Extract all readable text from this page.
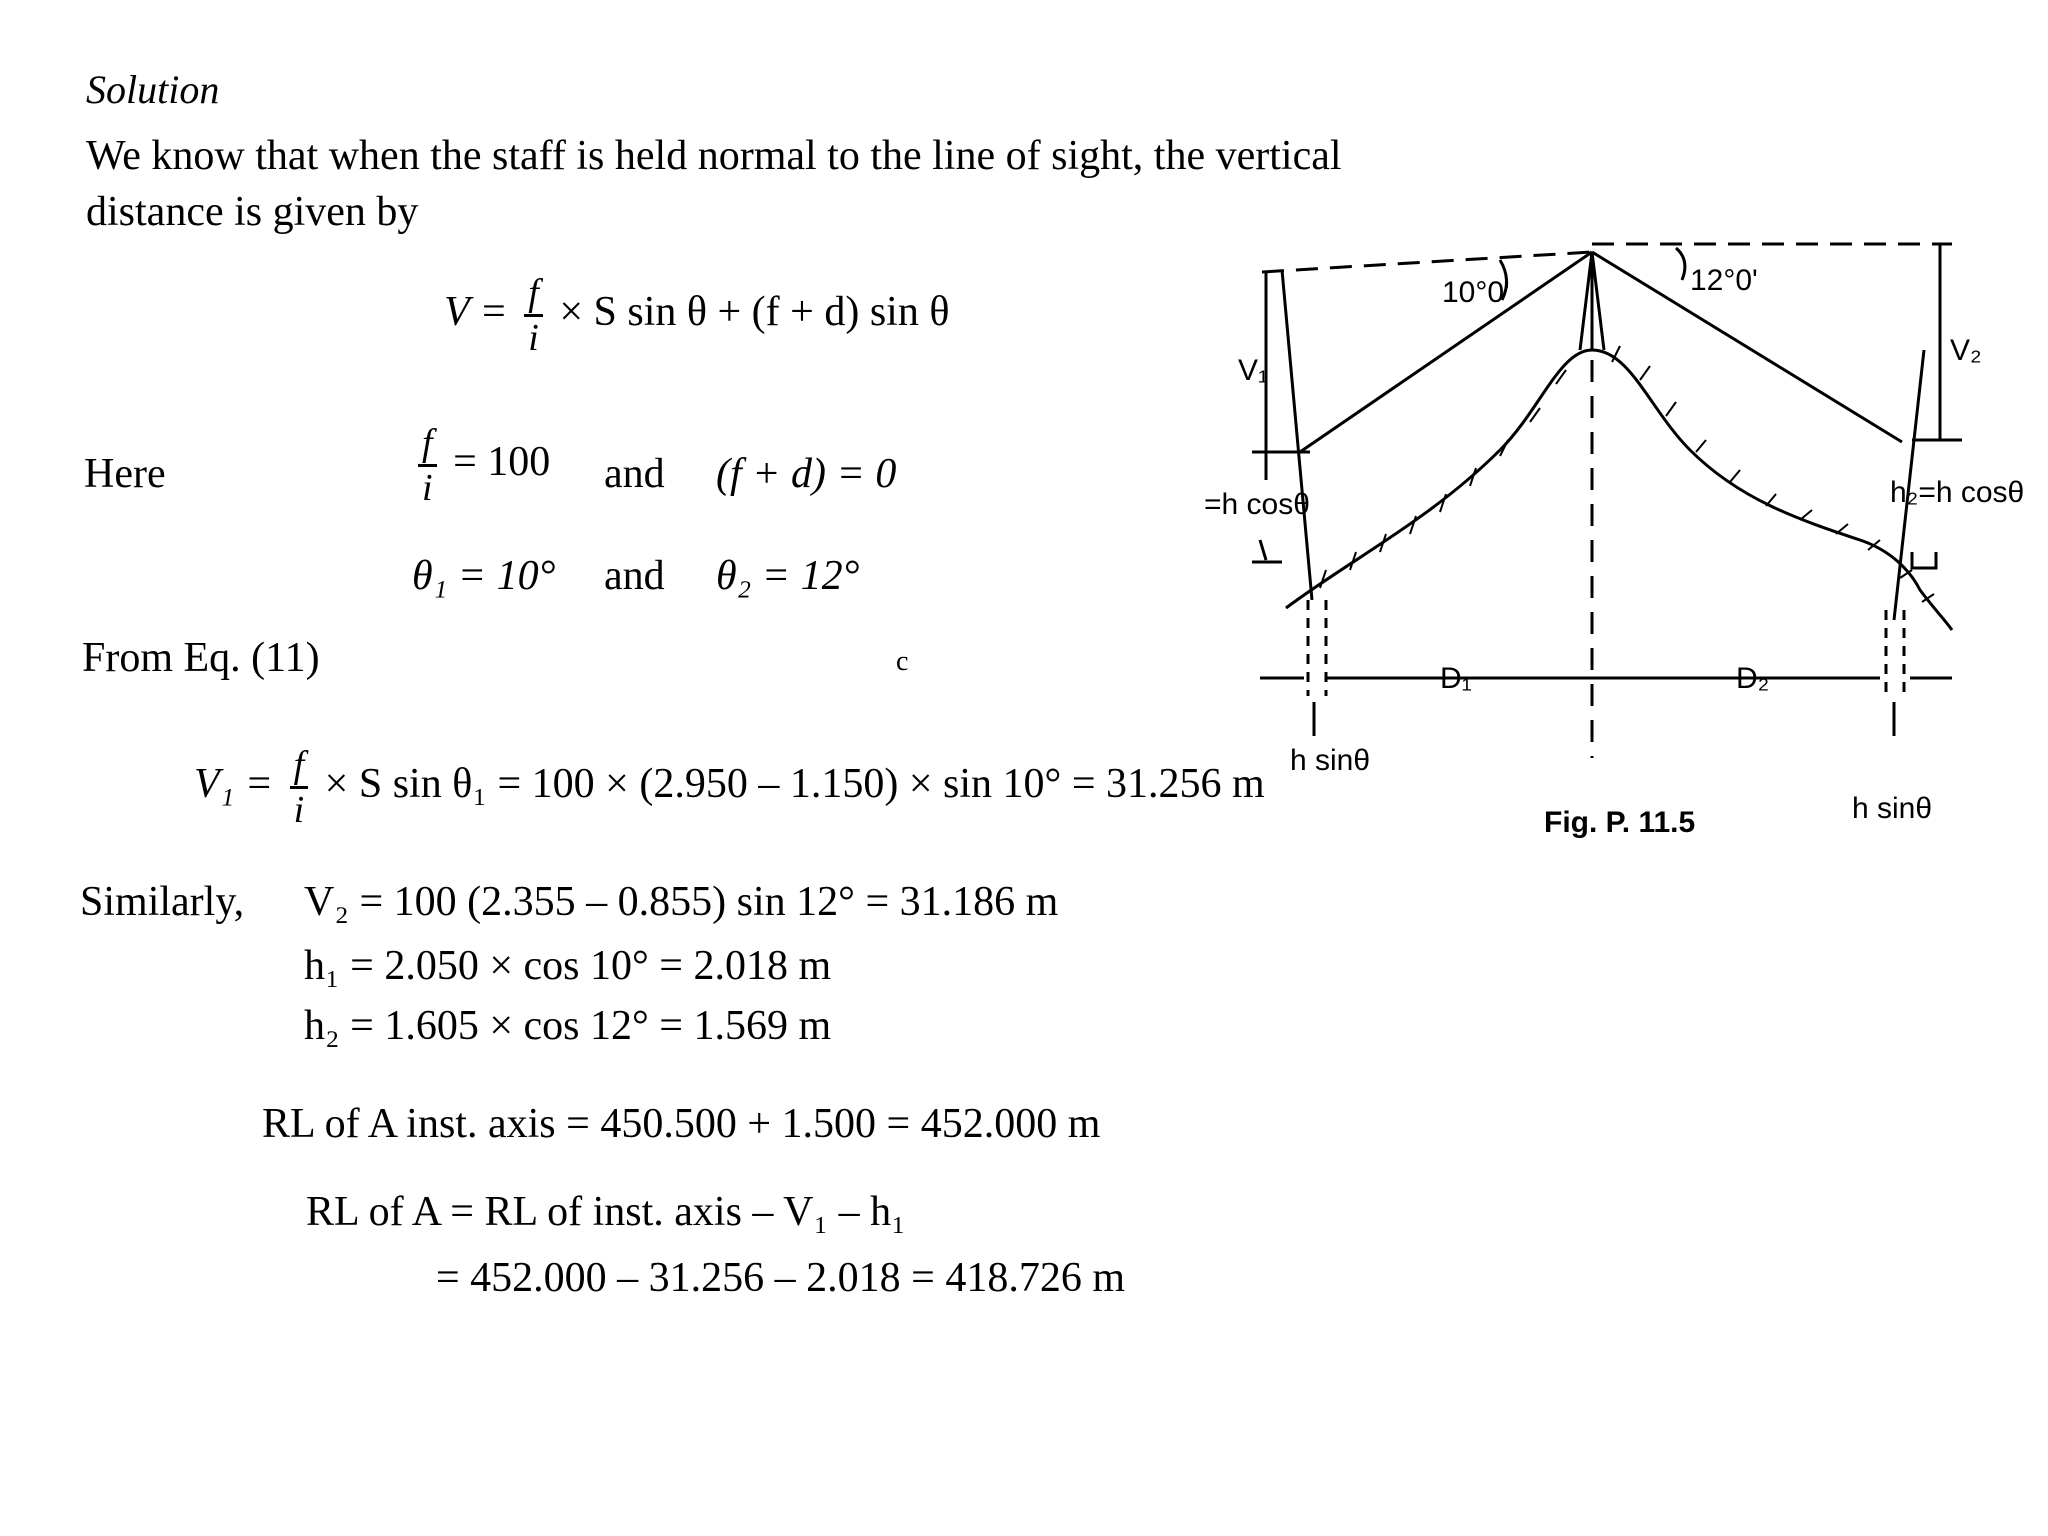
Solution
We know that when the staff is held normal to the line of sight, the vertical
distance is given by
$V = \frac{f}{i} \times S$ sin θ + (f + d) sin θ
Here	$\frac{f}{i} = 100$ and (f + d) = 0
θ₁ = 10° and θ₂ = 12°
From Eq. (11)	c
$V_1 = \frac{f}{i} \times S$ sin θ₁ = 100 × (2.950 – 1.150) × sin 10° = 31.256 m
Similarly, V₂ = 100 (2.355 – 0.855) sin 12° = 31.186 m
h₁ = 2.050 × cos 10° = 2.018 m
h₂ = 1.605 × cos 12° = 1.569 m
RL of A inst. axis = 450.500 + 1.500 = 452.000 m
RL of A = RL of inst. axis – V₁ – h₁
= 452.000 – 31.256 – 2.018 = 418.726 m
10°0'	12°0'
V₁
V₂
=h cosθ	h₂=h cosθ
D₁	D₂
h sinθ
h sinθ
Fig. P. 11.5
